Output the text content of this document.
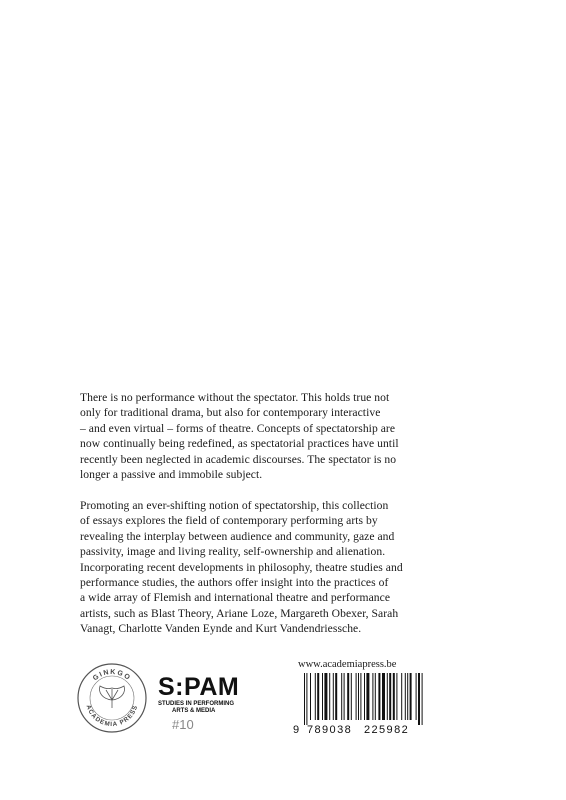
There is no performance without the spectator. This holds true not
only for traditional drama, but also for contemporary interactive
– and even virtual – forms of theatre. Concepts of spectatorship are
now continually being redefined, as spectatorial practices have until
recently been neglected in academic discourses. The spectator is no
longer a passive and immobile subject.

Promoting an ever-shifting notion of spectatorship, this collection
of essays explores the field of contemporary performing arts by
revealing the interplay between audience and community, gaze and
passivity, image and living reality, self-ownership and alienation.
Incorporating recent developments in philosophy, theatre studies and
performance studies, the authors offer insight into the practices of
a wide array of Flemish and international theatre and performance
artists, such as Blast Theory, Ariane Loze, Margareth Obexer, Sarah
Vanagt, Charlotte Vanden Eynde and Kurt Vandendriessche.

GINKGO
ACADEMIA PRESS
S:PAM
STUDIES IN PERFORMING
ARTS & MEDIA
#10
www.academiapress.be
9 789038 225982
